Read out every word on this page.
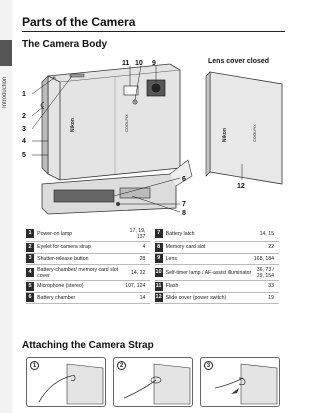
Introduction
Parts of the Camera
The Camera Body
Lens cover closed
Nikon	COOLPIX
Nikon	COOLPIX
1
2
3
4
5
6
7
8
9
10
11
12
1	Power-on lamp	17, 19, 137		7	Battery latch	14, 15
2	Eyelet for camera strap	4		8	Memory card slot	22
3	Shutter-release button	28		9	Lens	168, 184
4	Battery-chamber/ memory card slot cover	14, 22		10	Self-timer lamp / AF-assist illuminator	36, 73 / 29, 154
5	Microphone (stereo)	107, 124		11	Flash	33
6	Battery chamber	14		12	Slide cover (power switch)	19
Attaching the Camera Strap
1	2	3
